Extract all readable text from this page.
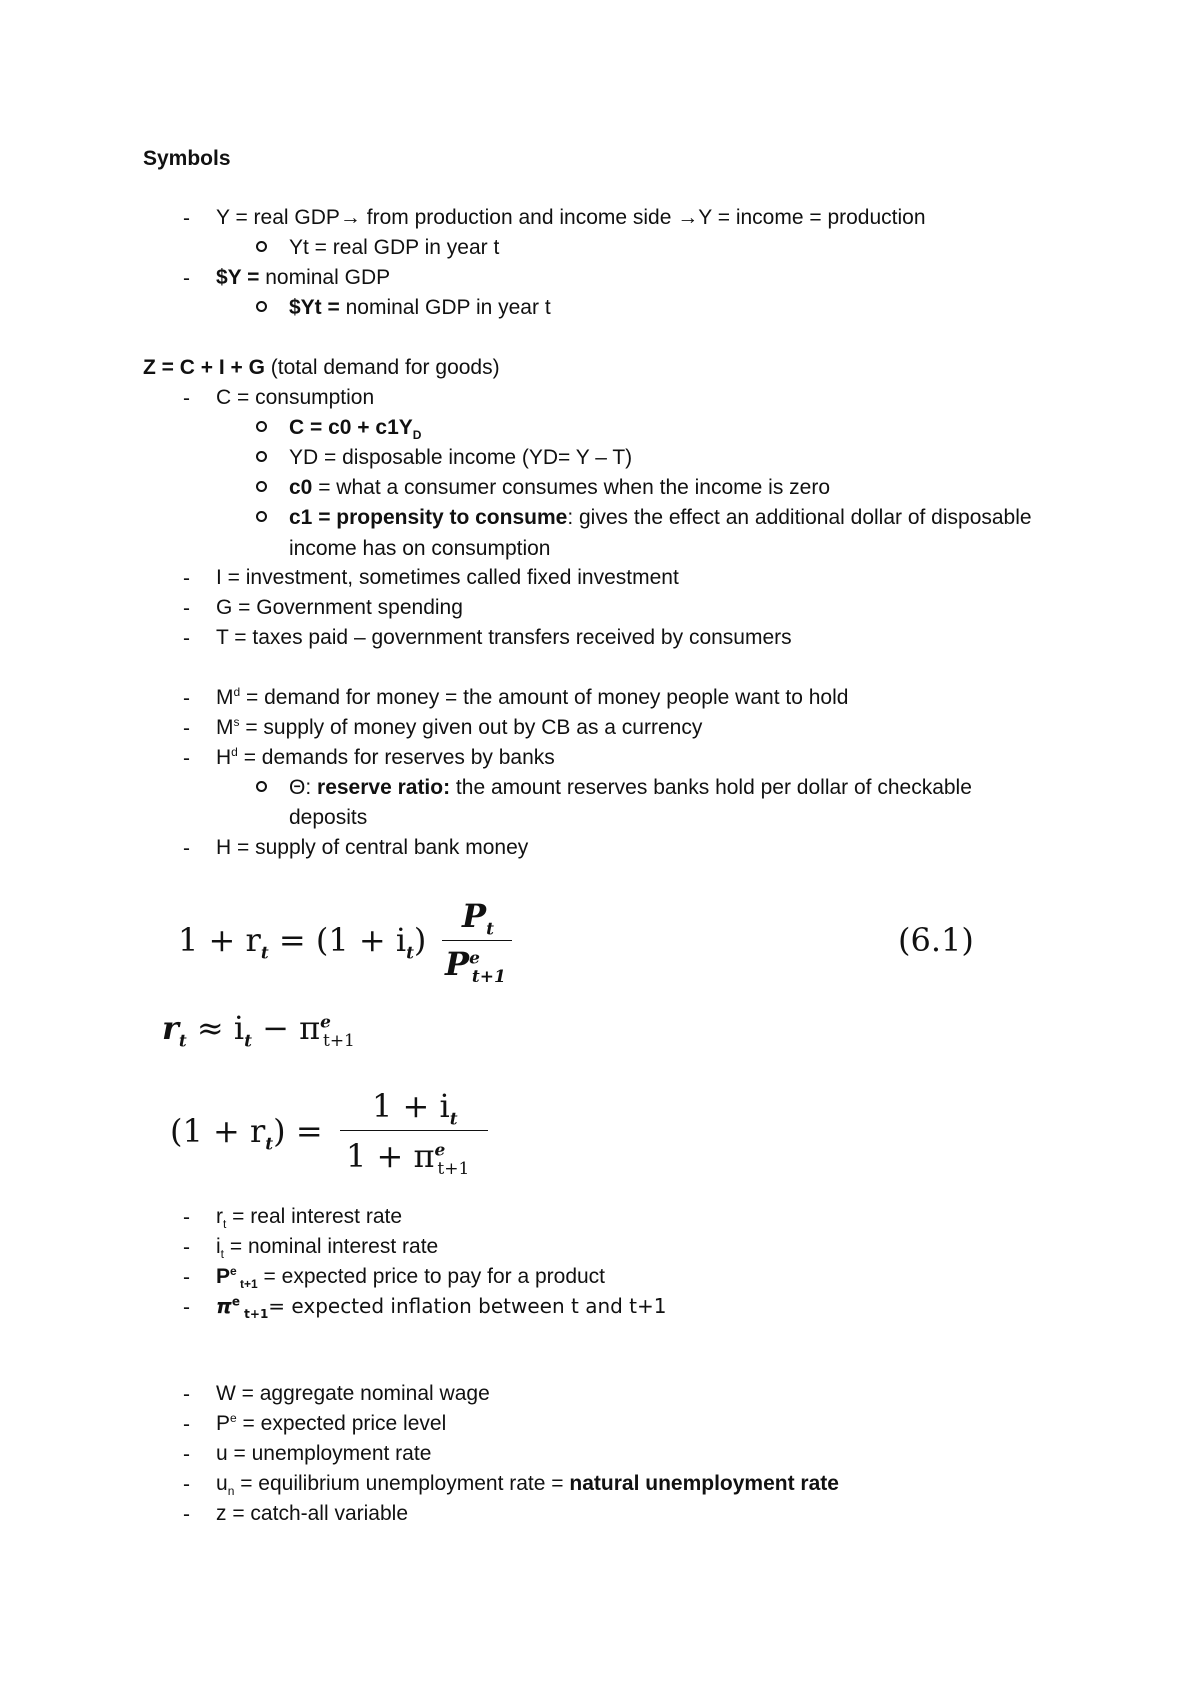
Symbols
-
Y = real GDP→ from production and income side →Y = income = production
Yt = real GDP in year t
-
$Y = nominal GDP
$Yt = nominal GDP in year t
Z = C + I + G (total demand for goods)
-
C = consumption
$C = c0 + c1Y_D$
YD = disposable income (YD= Y – T)
c0 = what a consumer consumes when the income is zero
c1 = propensity to consume: gives the effect an additional dollar of disposable
income has on consumption
-
I = investment, sometimes called fixed investment
-
G = Government spending
-
T = taxes paid – government transfers received by consumers
-
$M^d$ = demand for money = the amount of money people want to hold
-
$M^s$ = supply of money given out by CB as a currency
-
$H^d$ = demands for reserves by banks
Θ: reserve ratio: the amount reserves banks hold per dollar of checkable
deposits
-
H = supply of central bank money
$1 + r_t = (1 + i_t)$
$P_t$
$P^e_{t+1}$
(6.1)
$r_t \approx i_t - \pi^e_{t+1}$
$(1 + r_t)$ =
$1 + i_t$
$1 + \pi^e_{t+1}$
-
$r_t$ = real interest rate
-
$i_t$ = nominal interest rate
-
$P^e$ $_{t+1}$ = expected price to pay for a product
-
$\pi^e$ $_{t+1}$= expected inflation between t and t+1
-
W = aggregate nominal wage
-
$P^e$ = expected price level
-
u = unemployment rate
-
$u_n$ = equilibrium unemployment rate = natural unemployment rate
-
z = catch-all variable
